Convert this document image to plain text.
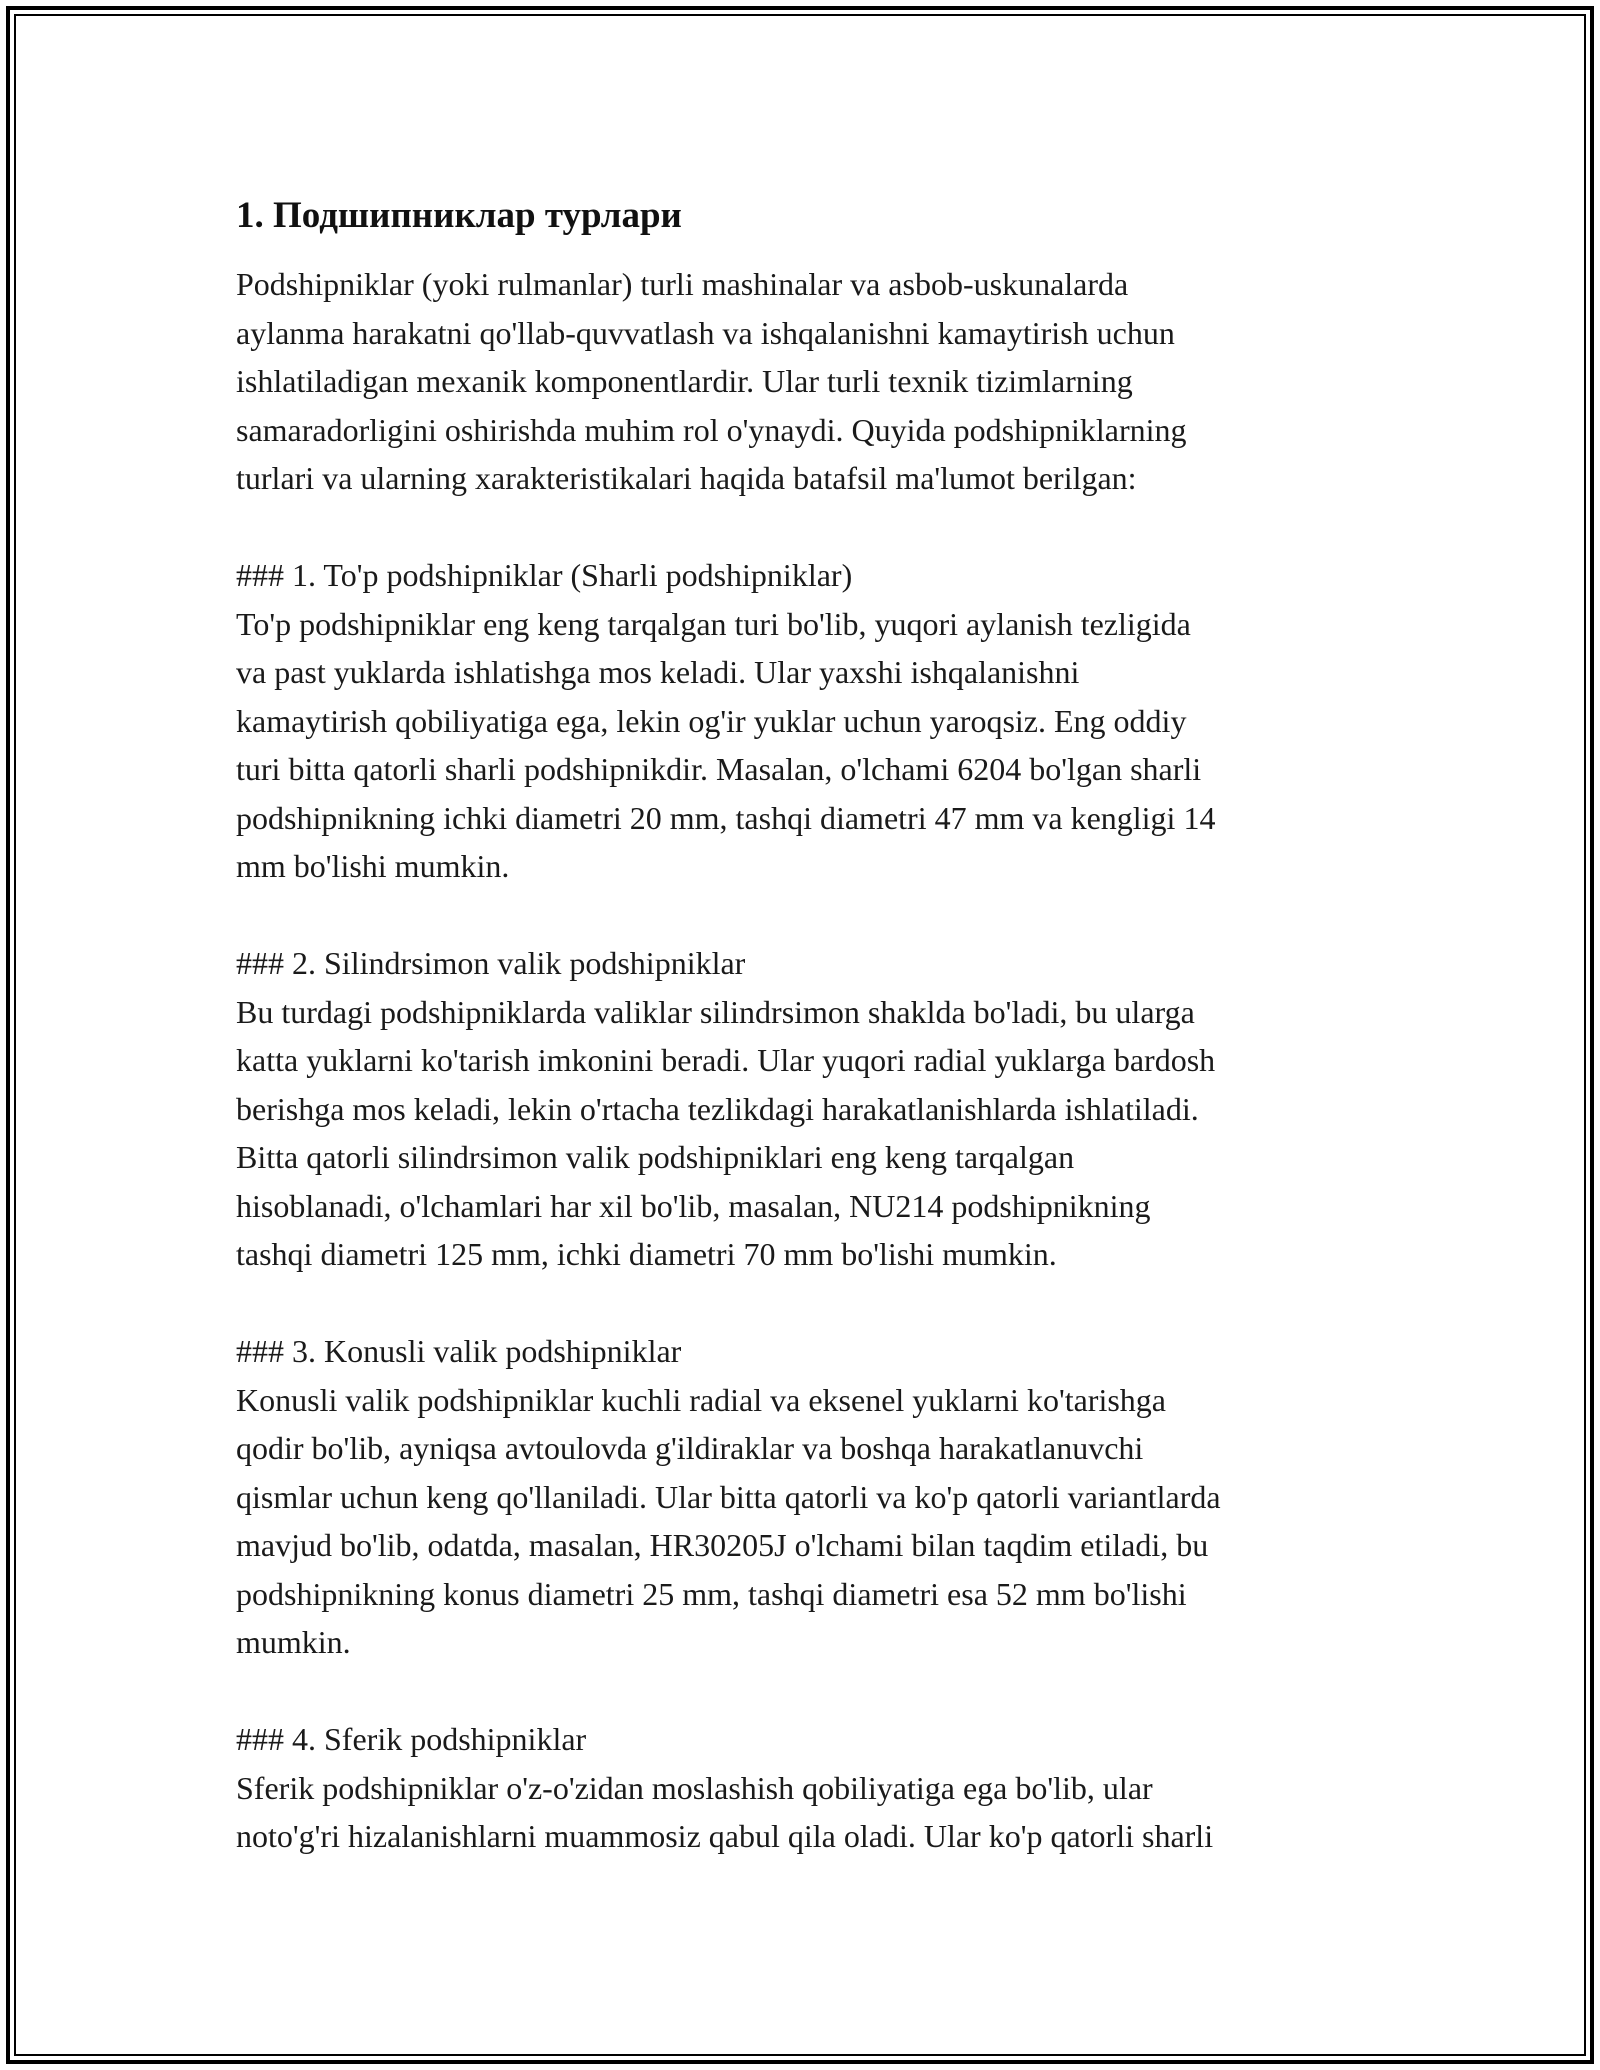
1. Подшипниклар турлари

Podshipniklar (yoki rulmanlar) turli mashinalar va asbob-uskunalarda
aylanma harakatni qo'llab-quvvatlash va ishqalanishni kamaytirish uchun
ishlatiladigan mexanik komponentlardir. Ular turli texnik tizimlarning
samaradorligini oshirishda muhim rol o'ynaydi. Quyida podshipniklarning
turlari va ularning xarakteristikalari haqida batafsil ma'lumot berilgan:

### 1. To'p podshipniklar (Sharli podshipniklar)

To'p podshipniklar eng keng tarqalgan turi bo'lib, yuqori aylanish tezligida
va past yuklarda ishlatishga mos keladi. Ular yaxshi ishqalanishni
kamaytirish qobiliyatiga ega, lekin og'ir yuklar uchun yaroqsiz. Eng oddiy
turi bitta qatorli sharli podshipnikdir. Masalan, o'lchami 6204 bo'lgan sharli
podshipnikning ichki diametri 20 mm, tashqi diametri 47 mm va kengligi 14
mm bo'lishi mumkin.

### 2. Silindrsimon valik podshipniklar

Bu turdagi podshipniklarda valiklar silindrsimon shaklda bo'ladi, bu ularga
katta yuklarni ko'tarish imkonini beradi. Ular yuqori radial yuklarga bardosh
berishga mos keladi, lekin o'rtacha tezlikdagi harakatlanishlarda ishlatiladi.
Bitta qatorli silindrsimon valik podshipniklari eng keng tarqalgan
hisoblanadi, o'lchamlari har xil bo'lib, masalan, NU214 podshipnikning
tashqi diametri 125 mm, ichki diametri 70 mm bo'lishi mumkin.

### 3. Konusli valik podshipniklar

Konusli valik podshipniklar kuchli radial va eksenel yuklarni ko'tarishga
qodir bo'lib, ayniqsa avtoulovda g'ildiraklar va boshqa harakatlanuvchi
qismlar uchun keng qo'llaniladi. Ular bitta qatorli va ko'p qatorli variantlarda
mavjud bo'lib, odatda, masalan, HR30205J o'lchami bilan taqdim etiladi, bu
podshipnikning konus diametri 25 mm, tashqi diametri esa 52 mm bo'lishi
mumkin.

### 4. Sferik podshipniklar

Sferik podshipniklar o'z-o'zidan moslashish qobiliyatiga ega bo'lib, ular
noto'g'ri hizalanishlarni muammosiz qabul qila oladi. Ular ko'p qatorli sharli
